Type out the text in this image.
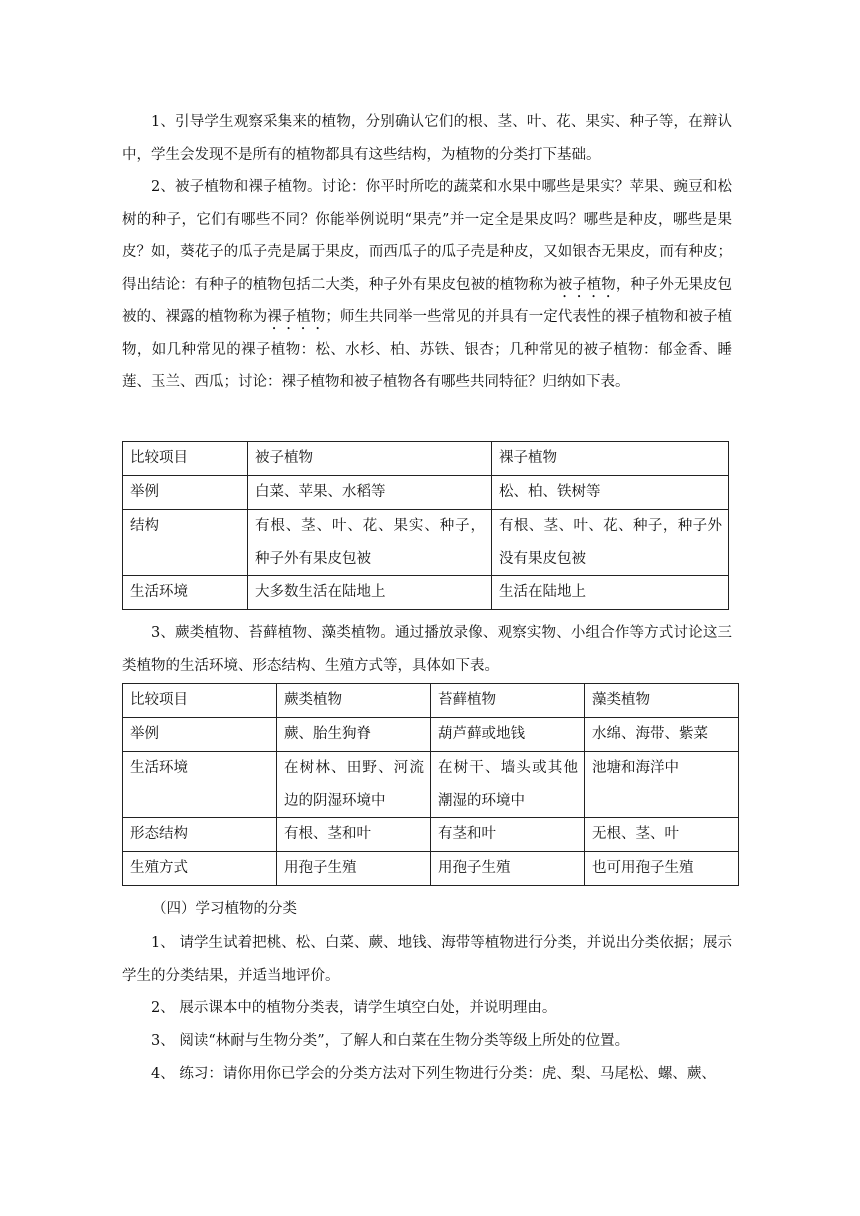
1、引导学生观察采集来的植物，分别确认它们的根、茎、叶、花、果实、种子等，在辩认中，学生会发现不是所有的植物都具有这些结构，为植物的分类打下基础。

2、被子植物和裸子植物。讨论：你平时所吃的蔬菜和水果中哪些是果实？苹果、豌豆和松树的种子，它们有哪些不同？你能举例说明“果壳”并一定全是果皮吗？哪些是种皮，哪些是果皮？如，葵花子的瓜子壳是属于果皮，而西瓜子的瓜子壳是种皮，又如银杏无果皮，而有种皮；得出结论：有种子的植物包括二大类，种子外有果皮包被的植物称为被子植物，种子外无果皮包被的、裸露的植物称为裸子植物；师生共同举一些常见的并具有一定代表性的裸子植物和被子植物，如几种常见的裸子植物：松、水杉、柏、苏铁、银杏；几种常见的被子植物：郁金香、睡莲、玉兰、西瓜；讨论：裸子植物和被子植物各有哪些共同特征？归纳如下表。

比较项目	被子植物	裸子植物
举例	白菜、苹果、水稻等	松、柏、铁树等
结构	有根、茎、叶、花、果实、种子，种子外有果皮包被	有根、茎、叶、花、种子，种子外没有果皮包被
生活环境	大多数生活在陆地上	生活在陆地上

3、蕨类植物、苔藓植物、藻类植物。通过播放录像、观察实物、小组合作等方式讨论这三类植物的生活环境、形态结构、生殖方式等，具体如下表。

比较项目	蕨类植物	苔藓植物	藻类植物
举例	蕨、胎生狗脊	葫芦藓或地钱	水绵、海带、紫菜
生活环境	在树林、田野、河流边的阴湿环境中	在树干、墙头或其他潮湿的环境中	池塘和海洋中
形态结构	有根、茎和叶	有茎和叶	无根、茎、叶
生殖方式	用孢子生殖	用孢子生殖	也可用孢子生殖

（四）学习植物的分类

1、 请学生试着把桃、松、白菜、蕨、地钱、海带等植物进行分类，并说出分类依据；展示学生的分类结果，并适当地评价。

2、 展示课本中的植物分类表，请学生填空白处，并说明理由。

3、 阅读“林耐与生物分类”，了解人和白菜在生物分类等级上所处的位置。

4、 练习：请你用你已学会的分类方法对下列生物进行分类：虎、梨、马尾松、螺、蕨、
